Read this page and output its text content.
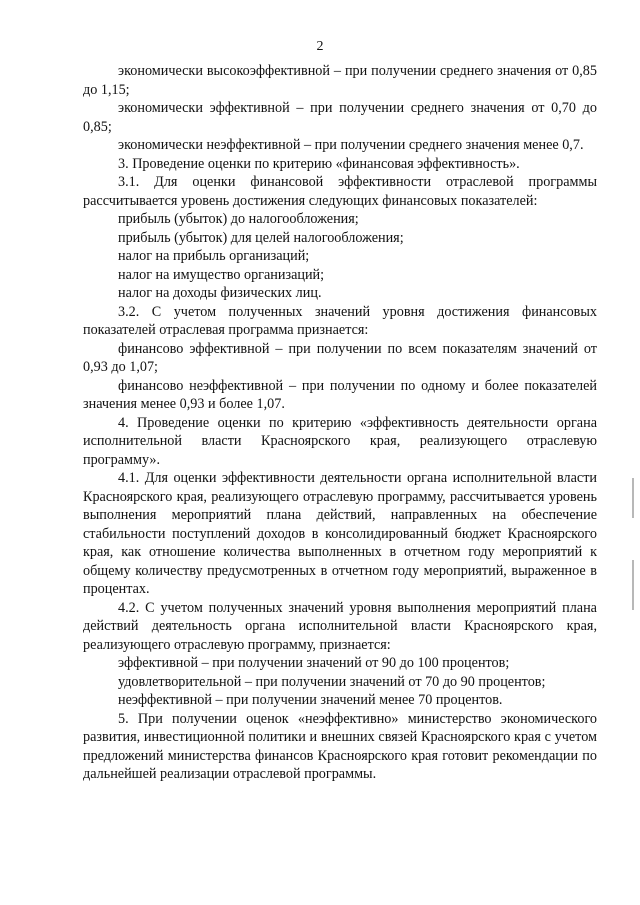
2

экономически высокоэффективной – при получении среднего значения от 0,85 до 1,15;

экономически эффективной – при получении среднего значения от 0,70 до 0,85;

экономически неэффективной – при получении среднего значения менее 0,7.

3. Проведение оценки по критерию «финансовая эффективность».

3.1. Для оценки финансовой эффективности отраслевой программы рассчитывается уровень достижения следующих финансовых показателей:

прибыль (убыток) до налогообложения;

прибыль (убыток) для целей налогообложения;

налог на прибыль организаций;

налог на имущество организаций;

налог на доходы физических лиц.

3.2. С учетом полученных значений уровня достижения финансовых показателей отраслевая программа признается:

финансово эффективной – при получении по всем показателям значений от 0,93 до 1,07;

финансово неэффективной – при получении по одному и более показателей значения менее 0,93 и более 1,07.

4. Проведение оценки по критерию «эффективность деятельности органа исполнительной власти Красноярского края, реализующего отраслевую программу».

4.1. Для оценки эффективности деятельности органа исполнительной власти Красноярского края, реализующего отраслевую программу, рассчитывается уровень выполнения мероприятий плана действий, направленных на обеспечение стабильности поступлений доходов в консолидированный бюджет Красноярского края, как отношение количества выполненных в отчетном году мероприятий к общему количеству предусмотренных в отчетном году мероприятий, выраженное в процентах.

4.2. С учетом полученных значений уровня выполнения мероприятий плана действий деятельность органа исполнительной власти Красноярского края, реализующего отраслевую программу, признается:

эффективной – при получении значений от 90 до 100 процентов;

удовлетворительной – при получении значений от 70 до 90 процентов;

неэффективной – при получении значений менее 70 процентов.

5. При получении оценок «неэффективно» министерство экономического развития, инвестиционной политики и внешних связей Красноярского края с учетом предложений министерства финансов Красноярского края готовит рекомендации по дальнейшей реализации отраслевой программы.
